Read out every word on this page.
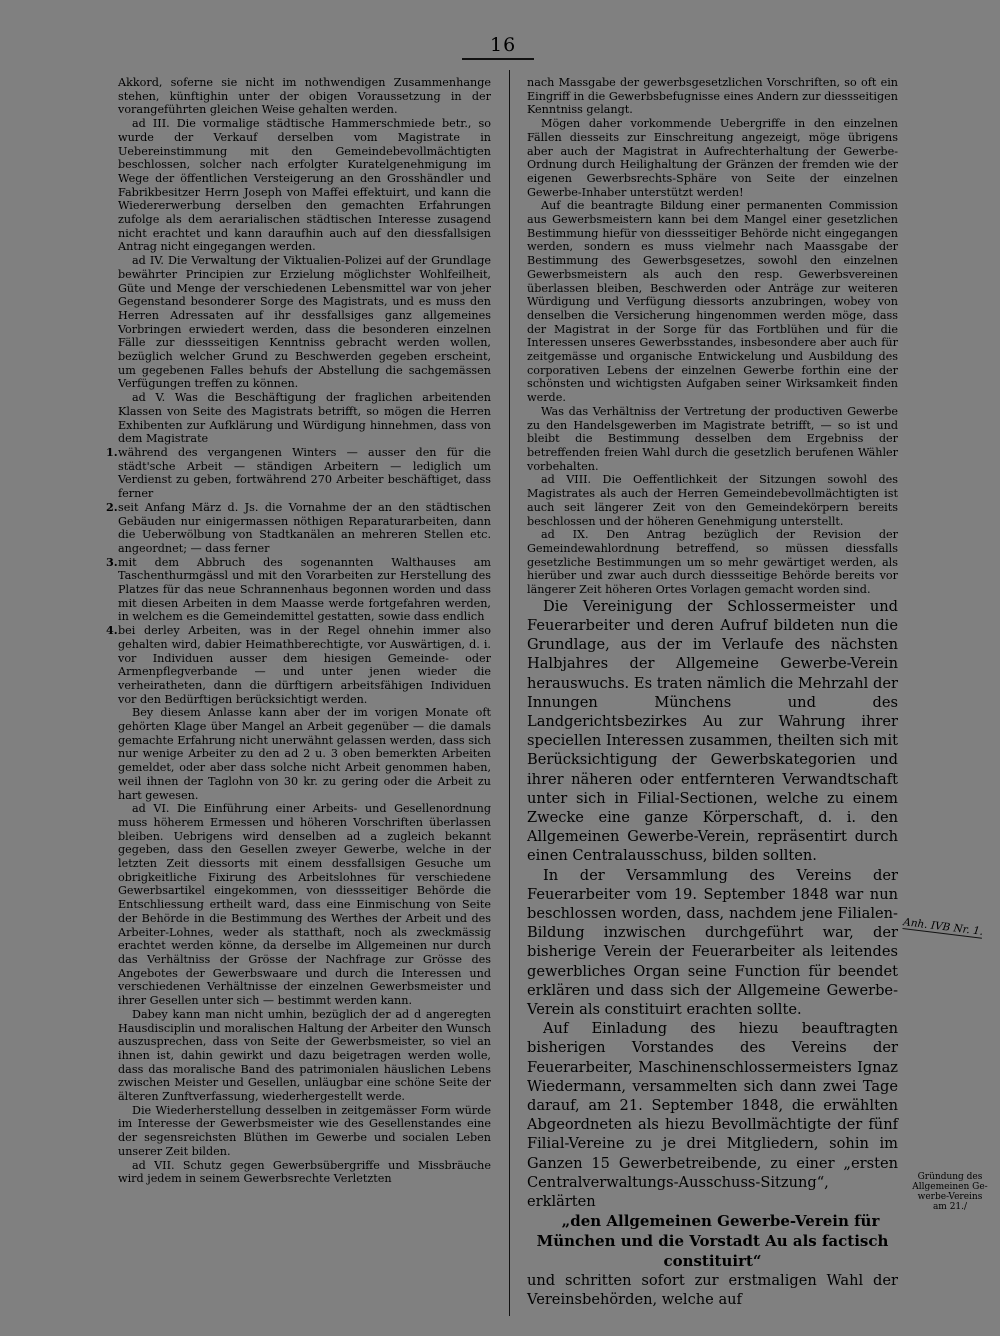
16

Akkord, soferne sie nicht im nothwendigen Zusammenhange stehen, künftighin unter der obigen Voraussetzung in der vorangeführten gleichen Weise gehalten werden.

ad III. Die vormalige städtische Hammerschmiede betr., so wurde der Verkauf derselben vom Magistrate in Uebereinstimmung mit den Gemeindebevollmächtigten beschlossen, solcher nach erfolgter Kuratelgenehmigung im Wege der öffentlichen Versteigerung an den Grosshändler und Fabrikbesitzer Herrn Joseph von Maffei effektuirt, und kann die Wiedererwerbung derselben den gemachten Erfahrungen zufolge als dem aerarialischen städtischen Interesse zusagend nicht erachtet und kann daraufhin auch auf den diessfallsigen Antrag nicht eingegangen werden.

ad IV. Die Verwaltung der Viktualien-Polizei auf der Grundlage bewährter Principien zur Erzielung möglichster Wohlfeilheit, Güte und Menge der verschiedenen Lebensmittel war von jeher Gegenstand besonderer Sorge des Magistrats, und es muss den Herren Adressaten auf ihr dessfallsiges ganz allgemeines Vorbringen erwiedert werden, dass die besonderen einzelnen Fälle zur diessseitigen Kenntniss gebracht werden wollen, bezüglich welcher Grund zu Beschwerden gegeben erscheint, um gegebenen Falles behufs der Abstellung die sachgemässen Verfügungen treffen zu können.

ad V. Was die Beschäftigung der fraglichen arbeitenden Klassen von Seite des Magistrats betrifft, so mögen die Herren Exhibenten zur Aufklärung und Würdigung hinnehmen, dass von dem Magistrate

1. während des vergangenen Winters — ausser den für die städt'sche Arbeit — ständigen Arbeitern — lediglich um Verdienst zu geben, fortwährend 270 Arbeiter beschäftiget, dass ferner
2. seit Anfang März d. Js. die Vornahme der an den städtischen Gebäuden nur einigermassen nöthigen Reparaturarbeiten, dann die Ueberwölbung von Stadtkanälen an mehreren Stellen etc. angeordnet; — dass ferner
3. mit dem Abbruch des sogenannten Walthauses am Taschenthurmgässl und mit den Vorarbeiten zur Herstellung des Platzes für das neue Schrannenhaus begonnen worden und dass mit diesen Arbeiten in dem Maasse werde fortgefahren werden, in welchem es die Gemeindemittel gestatten, sowie dass endlich
4. bei derley Arbeiten, was in der Regel ohnehin immer also gehalten wird, dabier Heimathberechtigte, vor Auswärtigen, d. i. vor Individuen ausser dem hiesigen Gemeinde- oder Armenpflegverbande — und unter jenen wieder die verheiratheten, dann die dürftigern arbeitsfähigen Individuen vor den Bedürftigen berücksichtigt werden.

Bey diesem Anlasse kann aber der im vorigen Monate oft gehörten Klage über Mangel an Arbeit gegenüber — die damals gemachte Erfahrung nicht unerwähnt gelassen werden, dass sich nur wenige Arbeiter zu den ad 2 u. 3 oben bemerkten Arbeiten gemeldet, oder aber dass solche nicht Arbeit genommen haben, weil ihnen der Taglohn von 30 kr. zu gering oder die Arbeit zu hart gewesen.

ad VI. Die Einführung einer Arbeits- und Gesellenordnung muss höherem Ermessen und höheren Vorschriften überlassen bleiben. Uebrigens wird denselben ad a zugleich bekannt gegeben, dass den Gesellen zweyer Gewerbe, welche in der letzten Zeit diessorts mit einem dessfallsigen Gesuche um obrigkeitliche Fixirung des Arbeitslohnes für verschiedene Gewerbsartikel eingekommen, von diessseitiger Behörde die Entschliessung ertheilt ward, dass eine Einmischung von Seite der Behörde in die Bestimmung des Werthes der Arbeit und des Arbeiter-Lohnes, weder als statthaft, noch als zweckmässig erachtet werden könne, da derselbe im Allgemeinen nur durch das Verhältniss der Grösse der Nachfrage zur Grösse des Angebotes der Gewerbswaare und durch die Interessen und verschiedenen Verhältnisse der einzelnen Gewerbsmeister und ihrer Gesellen unter sich — bestimmt werden kann.

Dabey kann man nicht umhin, bezüglich der ad d angeregten Hausdisciplin und moralischen Haltung der Arbeiter den Wunsch auszusprechen, dass von Seite der Gewerbsmeister, so viel an ihnen ist, dahin gewirkt und dazu beigetragen werden wolle, dass das moralische Band des patrimonialen häuslichen Lebens zwischen Meister und Gesellen, unläugbar eine schöne Seite der älteren Zunftverfassung, wiederhergestellt werde.

Die Wiederherstellung desselben in zeitgemässer Form würde im Interesse der Gewerbsmeister wie des Gesellenstandes eine der segensreichsten Blüthen im Gewerbe und socialen Leben unserer Zeit bilden.

ad VII. Schutz gegen Gewerbsübergriffe und Missbräuche wird jedem in seinem Gewerbsrechte Verletzten

nach Massgabe der gewerbsgesetzlichen Vorschriften, so oft ein Eingriff in die Gewerbsbefugnisse eines Andern zur diessseitigen Kenntniss gelangt.

Mögen daher vorkommende Uebergriffe in den einzelnen Fällen diesseits zur Einschreitung angezeigt, möge übrigens aber auch der Magistrat in Aufrechterhaltung der Gewerbe-Ordnung durch Heilighaltung der Gränzen der fremden wie der eigenen Gewerbsrechts-Sphäre von Seite der einzelnen Gewerbe-Inhaber unterstützt werden!

Auf die beantragte Bildung einer permanenten Commission aus Gewerbsmeistern kann bei dem Mangel einer gesetzlichen Bestimmung hiefür von diessseitiger Behörde nicht eingegangen werden, sondern es muss vielmehr nach Maassgabe der Bestimmung des Gewerbsgesetzes, sowohl den einzelnen Gewerbsmeistern als auch den resp. Gewerbsvereinen überlassen bleiben, Beschwerden oder Anträge zur weiteren Würdigung und Verfügung diessorts anzubringen, wobey von denselben die Versicherung hingenommen werden möge, dass der Magistrat in der Sorge für das Fortblühen und für die Interessen unseres Gewerbsstandes, insbesondere aber auch für zeitgemässe und organische Entwickelung und Ausbildung des corporativen Lebens der einzelnen Gewerbe forthin eine der schönsten und wichtigsten Aufgaben seiner Wirksamkeit finden werde.

Was das Verhältniss der Vertretung der productiven Gewerbe zu den Handelsgewerben im Magistrate betrifft, — so ist und bleibt die Bestimmung desselben dem Ergebniss der betreffenden freien Wahl durch die gesetzlich berufenen Wähler vorbehalten.

ad VIII. Die Oeffentlichkeit der Sitzungen sowohl des Magistrates als auch der Herren Gemeindebevollmächtigten ist auch seit längerer Zeit von den Gemeindekörpern bereits beschlossen und der höheren Genehmigung unterstellt.

ad IX. Den Antrag bezüglich der Revision der Gemeindewahlordnung betreffend, so müssen diessfalls gesetzliche Bestimmungen um so mehr gewärtiget werden, als hierüber und zwar auch durch diessseitige Behörde bereits vor längerer Zeit höheren Ortes Vorlagen gemacht worden sind.

Die Vereinigung der Schlossermeister und Feuerarbeiter und deren Aufruf bildeten nun die Grundlage, aus der im Verlaufe des nächsten Halbjahres der Allgemeine Gewerbe-Verein herauswuchs. Es traten nämlich die Mehrzahl der Innungen Münchens und des Landgerichtsbezirkes Au zur Wahrung ihrer speciellen Interessen zusammen, theilten sich mit Berücksichtigung der Gewerbskategorien und ihrer näheren oder entfernteren Verwandtschaft unter sich in Filial-Sectionen, welche zu einem Zwecke eine ganze Körperschaft, d. i. den Allgemeinen Gewerbe-Verein, repräsentirt durch einen Centralausschuss, bilden sollten.

In der Versammlung des Vereins der Feuerarbeiter vom 19. September 1848 war nun beschlossen worden, dass, nachdem jene Filialen-Bildung inzwischen durchgeführt war, der bisherige Verein der Feuerarbeiter als leitendes gewerbliches Organ seine Function für beendet erklären und dass sich der Allgemeine Gewerbe-Verein als constituirt erachten sollte.

Auf Einladung des hiezu beauftragten bisherigen Vorstandes des Vereins der Feuerarbeiter, Maschinenschlossermeisters Ignaz Wiedermann, versammelten sich dann zwei Tage darauf, am 21. September 1848, die erwählten Abgeordneten als hiezu Bevollmächtigte der fünf Filial-Vereine zu je drei Mitgliedern, sohin im Ganzen 15 Gewerbetreibende, zu einer „ersten Centralverwaltungs-Ausschuss-Sitzung“, erklärten

„den Allgemeinen Gewerbe-Verein für München und die Vorstadt Au als factisch constituirt“

und schritten sofort zur erstmaligen Wahl der Vereinsbehörden, welche auf

Anh. IVB Nr. 1.
Gründung des
Allgemeinen Ge-
werbe-Vereins
am 21./
